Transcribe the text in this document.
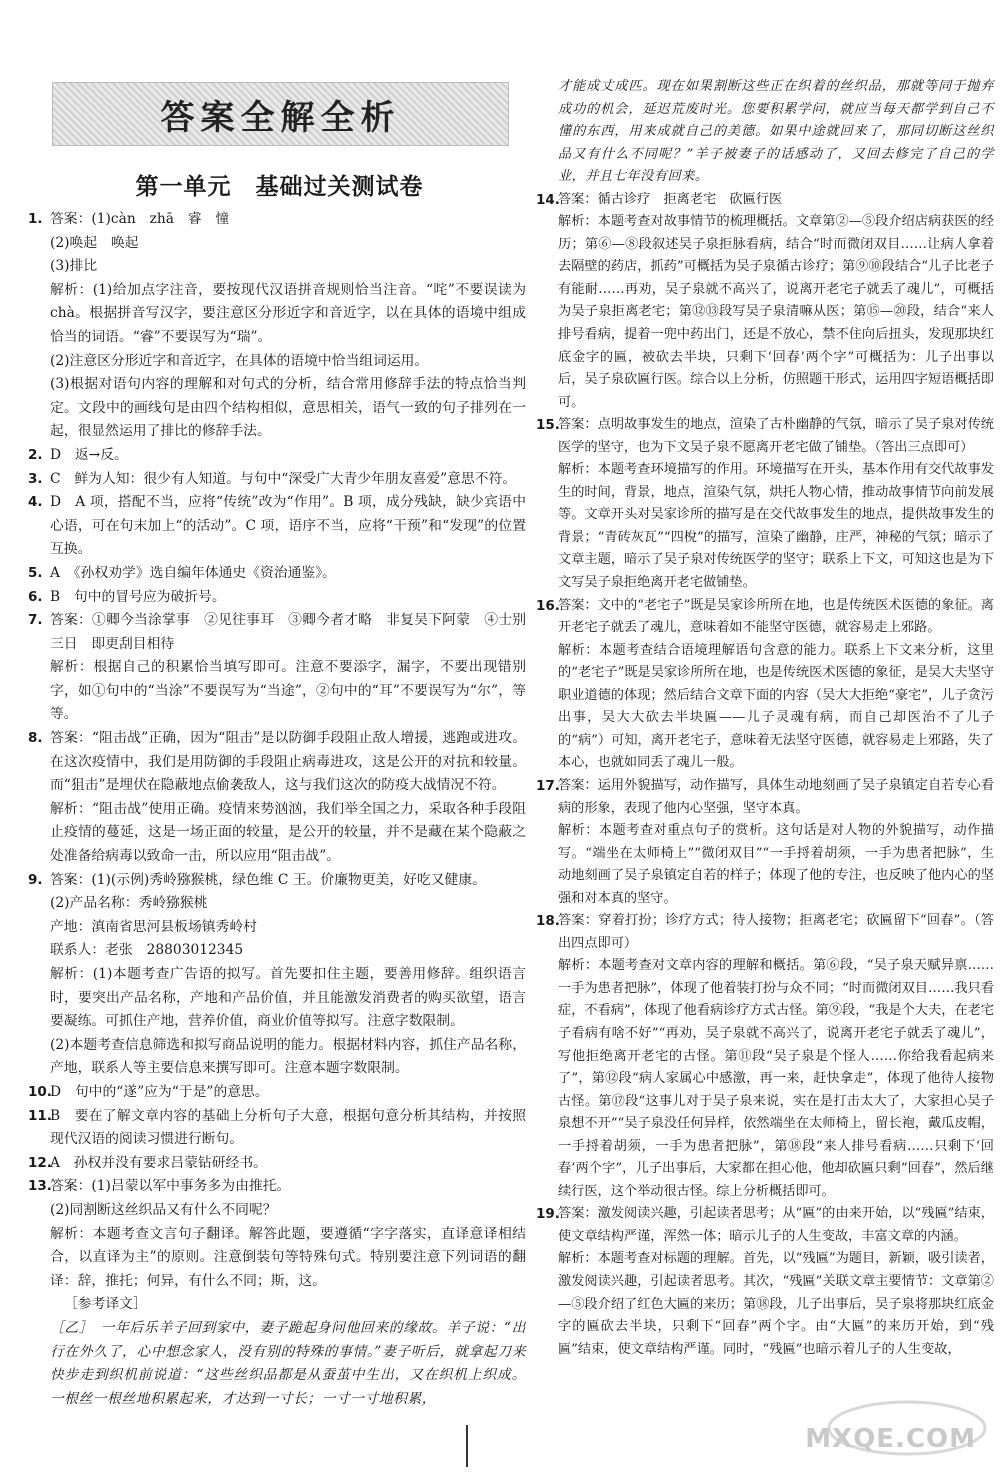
答案全解全析
第一单元　基础过关测试卷

1. 答案：(1)càn　zhā　睿　憧

(2)唤起　唤起

(3)排比

解析：(1)给加点字注音，要按现代汉语拼音规则恰当注音。“咤”不要误读为 chà。根据拼音写汉字，要注意区分形近字和音近字，以在具体的语境中组成恰当的词语。“睿”不要误写为“瑞”。

(2)注意区分形近字和音近字，在具体的语境中恰当组词运用。

(3)根据对语句内容的理解和对句式的分析，结合常用修辞手法的特点恰当判定。文段中的画线句是由四个结构相似，意思相关，语气一致的句子排列在一起，很显然运用了排比的修辞手法。

2. D　返→反。

3. C　鲜为人知：很少有人知道。与句中“深受广大青少年朋友喜爱”意思不符。

4. D　A 项，搭配不当，应将“传统”改为“作用”。B 项，成分残缺，缺少宾语中心语，可在句末加上“的活动”。C 项，语序不当，应将“干预”和“发现”的位置互换。

5. A　《孙权劝学》选自编年体通史《资治通鉴》。

6. B　句中的冒号应为破折号。

7. 答案：①卿今当涂掌事　②见往事耳　③卿今者才略　非复吴下阿蒙　④士别三日　即更刮目相待

解析：根据自己的积累恰当填写即可。注意不要添字，漏字，不要出现错别字，如①句中的“当涂”不要误写为“当途”，②句中的“耳”不要误写为“尔”，等等。

8. 答案：“阻击战”正确，因为“阻击”是以防御手段阻止敌人增援，逃跑或进攻。在这次疫情中，我们是用防御的手段阻止病毒进攻，这是公开的对抗和较量。而“狙击”是埋伏在隐蔽地点偷袭敌人，这与我们这次的防疫大战情况不符。

解析：“阻击战”使用正确。疫情来势汹汹，我们举全国之力，采取各种手段阻止疫情的蔓延，这是一场正面的较量，是公开的较量，并不是藏在某个隐蔽之处准备给病毒以致命一击，所以应用“阻击战”。

9. 答案：(1)(示例)秀岭猕猴桃，绿色维 C 王。价廉物更美，好吃又健康。

(2)产品名称：秀岭猕猴桃

产地：滇南省思河县板场镇秀岭村

联系人：老张　28803012345

解析：(1)本题考查广告语的拟写。首先要扣住主题，要善用修辞。组织语言时，要突出产品名称，产地和产品价值，并且能激发消费者的购买欲望，语言要凝练。可抓住产地，营养价值，商业价值等拟写。注意字数限制。

(2)本题考查信息筛选和拟写商品说明的能力。根据材料内容，抓住产品名称，产地，联系人等主要信息来撰写即可。注意本题字数限制。

10.
D　句中的“遂”应为“于是”的意思。

11.
B　要在了解文章内容的基础上分析句子大意，根据句意分析其结构，并按照现代汉语的阅读习惯进行断句。

12.
A　孙权并没有要求吕蒙钻研经书。

13.
答案：(1)吕蒙以军中事务多为由推托。

(2)同割断这丝织品又有什么不同呢？

解析：本题考查文言句子翻译。解答此题，要遵循“字字落实，直译意译相结合，以直译为主”的原则。注意倒装句等特殊句式。特别要注意下列词语的翻译：辞，推托；何异，有什么不同；斯，这。

［参考译文］

［乙］　一年后乐羊子回到家中，妻子跪起身问他回来的缘故。羊子说：“出行在外久了，心中想念家人，没有别的特殊的事情。”妻子听后，就拿起刀来快步走到织机前说道：“这些丝织品都是从蚕茧中生出，又在织机上织成。一根丝一根丝地积累起来，才达到一寸长；一寸一寸地积累，

才能成丈成匹。现在如果割断这些正在织着的丝织品，那就等同于抛弃成功的机会，延迟荒废时光。您要积累学问，就应当每天都学到自己不懂的东西，用来成就自己的美德。如果中途就回来了，那同切断这丝织品又有什么不同呢？”羊子被妻子的话感动了，又回去修完了自己的学业，并且七年没有回来。

14.
答案：循古诊疗　拒离老宅　砍匾行医

解析：本题考查对故事情节的梳理概括。文章第②—⑤段介绍店病获医的经历；第⑥—⑧段叙述吴子泉拒脉看病，结合“时而微闭双目……让病人拿着去隔壁的药店，抓药”可概括为吴子泉循古诊疗；第⑨⑩段结合“儿子比老子有能耐……再劝，吴子泉就不高兴了，说离开老宅子就丢了魂儿”，可概括为吴子泉拒离老宅；第⑫⑬段写吴子泉清嘛从医；第⑮—⑳段，结合“来人排号看病，提着一兜中药出门，还是不放心，禁不住向后扭头，发现那块红底金字的匾，被砍去半块，只剩下‘回春’两个字”可概括为：儿子出事以后，吴子泉砍匾行医。综合以上分析，仿照题干形式，运用四字短语概括即可。

15.
答案：点明故事发生的地点，渲染了古朴幽静的气氛，暗示了吴子泉对传统医学的坚守，也为下文吴子泉不愿离开老宅做了铺垫。（答出三点即可）

解析：本题考查环境描写的作用。环境描写在开头，基本作用有交代故事发生的时间，背景，地点，渲染气氛，烘托人物心情，推动故事情节向前发展等。文章开头对吴家诊所的描写是在交代故事发生的地点，提供故事发生的背景；“青砖灰瓦”“四梲”的描写，渲染了幽静，庄严，神秘的气氛；暗示了文章主题，暗示了吴子泉对传统医学的坚守；联系上下文，可知这也是为下文写吴子泉拒绝离开老宅做铺垫。

16.
答案：文中的“老宅子”既是吴家诊所所在地，也是传统医术医德的象征。离开老宅子就丢了魂儿，意味着如不能坚守医德，就容易走上邪路。

解析：本题考查结合语境理解语句含意的能力。联系上下文来分析，这里的“老宅子”既是吴家诊所所在地，也是传统医术医德的象征，是吴大夫坚守职业道德的体现；然后结合文章下面的内容（吴大大拒绝“豪宅”，儿子贪污出事，吴大大砍去半块匾——儿子灵魂有病，而自己却医治不了儿子的“病”）可知，离开老宅子，意味着无法坚守医德，就容易走上邪路，失了本心，也就如同丢了魂儿一般。

17.
答案：运用外貌描写，动作描写，具体生动地刻画了吴子泉镇定自若专心看病的形象，表现了他内心坚强，坚守本真。

解析：本题考查对重点句子的赏析。这句话是对人物的外貌描写，动作描写。“端坐在太师椅上”“微闭双目”“一手捋着胡须，一手为患者把脉”，生动地刻画了吴子泉镇定自若的样子；体现了他的专注，也反映了他内心的坚强和对本真的坚守。

18.
答案：穿着打扮；诊疗方式；待人接物；拒离老宅；砍匾留下“回春”。（答出四点即可）

解析：本题考查对文章内容的理解和概括。第⑥段，“吴子泉天赋异禀……一手为患者把脉”，体现了他着装打扮与众不同；“时而微闭双目……我只看症，不看病”，体现了他看病诊疗方式古怪。第⑨段，“我是个大夫，在老宅子看病有啥不好”“再劝，吴子泉就不高兴了，说离开老宅子就丢了魂儿”，写他拒绝离开老宅的古怪。第⑪段“吴子泉是个怪人……你给我看起病来了”，第⑫段“病人家属心中感激，再一来，赶快拿走”，体现了他待人接物古怪。第⑰段“这事儿对于吴子泉来说，实在是打击太大了，大家担心吴子泉想不开”“吴子泉没任何异样，依然端坐在太师椅上，留长袍，戴瓜皮帽，一手捋着胡须，一手为患者把脉”，第⑱段“来人排号看病……只剩下‘回春’两个字”，儿子出事后，大家都在担心他，他却砍匾只剩“回春”，然后继续行医，这个举动很古怪。综上分析概括即可。

19.
答案：激发阅读兴趣，引起读者思考；从“匾”的由来开始，以“残匾”结束，使文章结构严谨，浑然一体；暗示儿子的人生变故，丰富文章的内涵。

解析：本题考查对标题的理解。首先，以“残匾”为题目，新颖，吸引读者，激发阅读兴趣，引起读者思考。其次，“残匾”关联文章主要情节：文章第②—⑤段介绍了红色大匾的来历；第⑱段，儿子出事后，吴子泉将那块红底金字的匾砍去半块，只剩下“回春”两个字。由“大匾”的来历开始，到“残匾”结束，使文章结构严谨。同时，“残匾”也暗示着儿子的人生变故，

MXQE.COM
